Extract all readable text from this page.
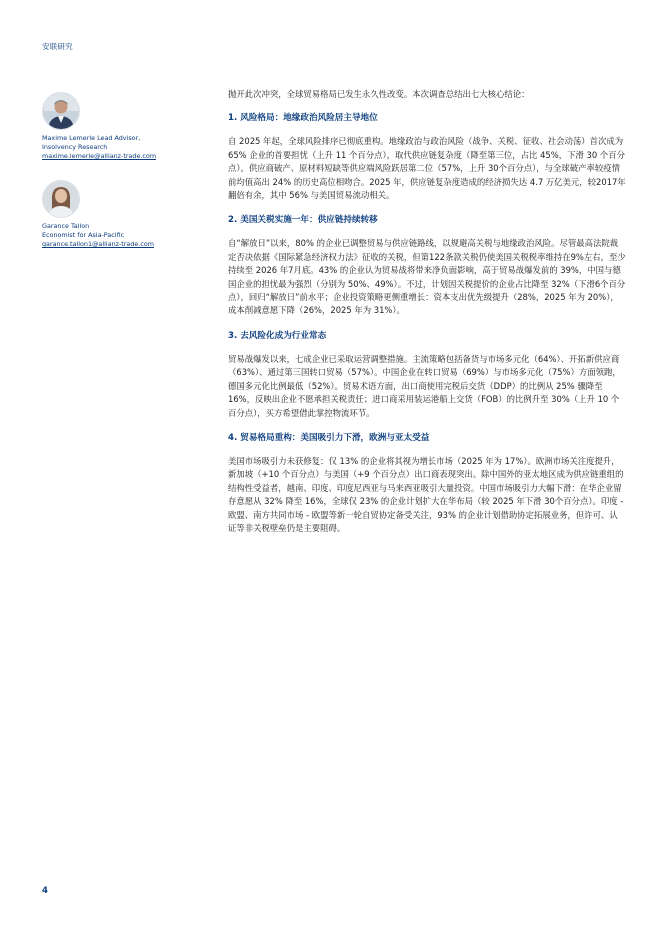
安联研究
Maxime Lemerle Lead Advisor,
Insolvency Research
maxime.lemerle@allianz-trade.com
Garance Tallon
Economist for Asia-Pacific
garance.tallon1@allianz-trade.com

抛开此次冲突，全球贸易格局已发生永久性改变。本次调查总结出七大核心结论：

1. 风险格局：地缘政治风险居主导地位

自 2025 年起，全球风险排序已彻底重构。地缘政治与政治风险（战争、关税、征收、社会动荡）首次成为 65% 企业的首要担忧（上升 11 个百分点），取代供应链复杂度（降至第三位，占比 45%，下滑 30 个百分点）。供应商破产、原材料短缺等供应端风险跃居第二位（57%，上升 30个百分点），与全球破产率较疫情前均值高出 24% 的历史高位相吻合。2025 年，供应链复杂度造成的经济损失达 4.7 万亿美元，较2017年翻倍有余，其中 56% 与美国贸易流动相关。

2. 美国关税实施一年：供应链持续转移

自“解放日”以来，80% 的企业已调整贸易与供应链路线，以规避高关税与地缘政治风险。尽管最高法院裁定否决依据《国际紧急经济权力法》征收的关税，但第122条款关税仍使美国关税税率维持在9%左右，至少持续至 2026 年7月底。43% 的企业认为贸易战将带来净负面影响，高于贸易战爆发前的 39%，中国与德国企业的担忧最为强烈（分别为 50%、49%）。不过，计划因关税提价的企业占比降至 32%（下滑6个百分点），回归“解放日”前水平；企业投资策略更侧重增长：资本支出优先级提升（28%，2025 年为 20%），成本削减意愿下降（26%，2025 年为 31%）。

3. 去风险化成为行业常态

贸易战爆发以来，七成企业已采取运营调整措施。主流策略包括备货与市场多元化（64%）、开拓新供应商（63%）、通过第三国转口贸易（57%）。中国企业在转口贸易（69%）与市场多元化（75%）方面领跑，德国多元化比例最低（52%）。贸易术语方面，出口商使用完税后交货（DDP）的比例从 25% 骤降至 16%，反映出企业不愿承担关税责任；进口商采用装运港船上交货（FOB）的比例升至 30%（上升 10 个百分点），买方希望借此掌控物流环节。

4. 贸易格局重构：美国吸引力下滑，欧洲与亚太受益

美国市场吸引力未获修复：仅 13% 的企业将其视为增长市场（2025 年为 17%）。欧洲市场关注度提升，新加坡（+10 个百分点）与美国（+9 个百分点）出口商表现突出。除中国外的亚太地区成为供应链重组的结构性受益者，越南、印度、印度尼西亚与马来西亚吸引大量投资。中国市场吸引力大幅下滑：在华企业留存意愿从 32% 降至 16%，全球仅 23% 的企业计划扩大在华布局（较 2025 年下滑 30个百分点）。印度 - 欧盟、南方共同市场 - 欧盟等新一轮自贸协定备受关注，93% 的企业计划借助协定拓展业务，但许可、认证等非关税壁垒仍是主要阻碍。

4
